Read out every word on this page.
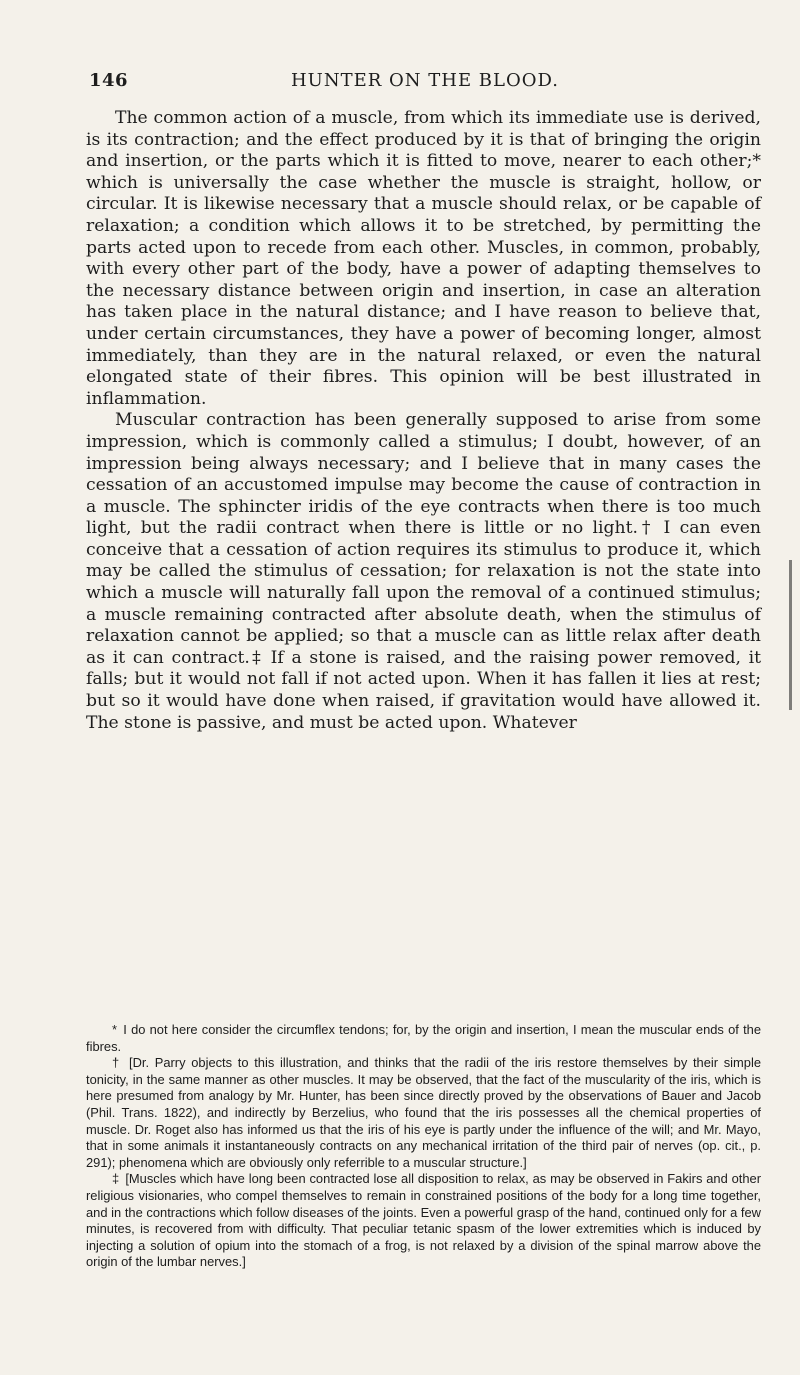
146	HUNTER ON THE BLOOD.

The common action of a muscle, from which its immediate use is derived, is its contraction; and the effect produced by it is that of bringing the origin and insertion, or the parts which it is fitted to move, nearer to each other;* which is universally the case whether the muscle is straight, hollow, or circular. It is likewise necessary that a muscle should relax, or be capable of relaxation; a condition which allows it to be stretched, by permitting the parts acted upon to recede from each other. Muscles, in common, probably, with every other part of the body, have a power of adapting themselves to the necessary distance between origin and insertion, in case an alteration has taken place in the natural distance; and I have reason to believe that, under certain circumstances, they have a power of becoming longer, almost immediately, than they are in the natural relaxed, or even the natural elongated state of their fibres. This opinion will be best illustrated in inflammation.

Muscular contraction has been generally supposed to arise from some impression, which is commonly called a stimulus; I doubt, however, of an impression being always necessary; and I believe that in many cases the cessation of an accustomed impulse may become the cause of contraction in a muscle. The sphincter iridis of the eye contracts when there is too much light, but the radii contract when there is little or no light.† I can even conceive that a cessation of action requires its stimulus to produce it, which may be called the stimulus of cessation; for relaxation is not the state into which a muscle will naturally fall upon the removal of a continued stimulus; a muscle remaining contracted after absolute death, when the stimulus of relaxation cannot be applied; so that a muscle can as little relax after death as it can contract.‡ If a stone is raised, and the raising power removed, it falls; but it would not fall if not acted upon. When it has fallen it lies at rest; but so it would have done when raised, if gravitation would have allowed it. The stone is passive, and must be acted upon. Whatever

* I do not here consider the circumflex tendons; for, by the origin and insertion, I mean the muscular ends of the fibres.

† [Dr. Parry objects to this illustration, and thinks that the radii of the iris restore themselves by their simple tonicity, in the same manner as other muscles. It may be observed, that the fact of the muscularity of the iris, which is here presumed from analogy by Mr. Hunter, has been since directly proved by the observations of Bauer and Jacob (Phil. Trans. 1822), and indirectly by Berzelius, who found that the iris possesses all the chemical properties of muscle. Dr. Roget also has informed us that the iris of his eye is partly under the influence of the will; and Mr. Mayo, that in some animals it instantaneously contracts on any mechanical irritation of the third pair of nerves (op. cit., p. 291); phenomena which are obviously only referrible to a muscular structure.]

‡ [Muscles which have long been contracted lose all disposition to relax, as may be observed in Fakirs and other religious visionaries, who compel themselves to remain in constrained positions of the body for a long time together, and in the contractions which follow diseases of the joints. Even a powerful grasp of the hand, continued only for a few minutes, is recovered from with difficulty. That peculiar tetanic spasm of the lower extremities which is induced by injecting a solution of opium into the stomach of a frog, is not relaxed by a division of the spinal marrow above the origin of the lumbar nerves.]
